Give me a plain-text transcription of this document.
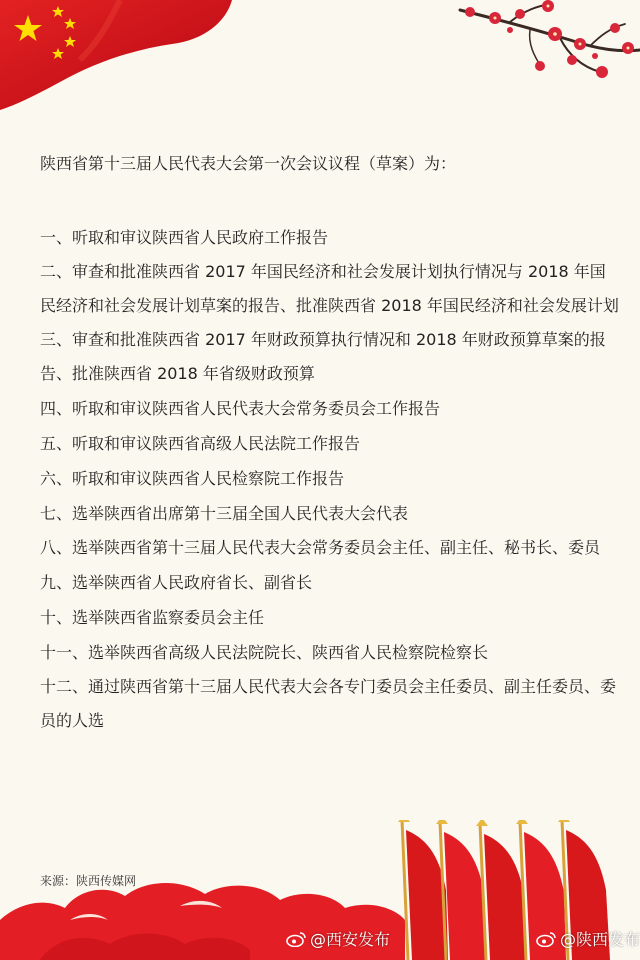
陕西省第十三届人民代表大会第一次会议议程（草案）为：

一、听取和审议陕西省人民政府工作报告
二、审查和批准陕西省 2017 年国民经济和社会发展计划执行情况与 2018 年国民经济和社会发展计划草案的报告、批准陕西省 2018 年国民经济和社会发展计划
三、审查和批准陕西省 2017 年财政预算执行情况和 2018 年财政预算草案的报告、批准陕西省 2018 年省级财政预算
四、听取和审议陕西省人民代表大会常务委员会工作报告
五、听取和审议陕西省高级人民法院工作报告
六、听取和审议陕西省人民检察院工作报告
七、选举陕西省出席第十三届全国人民代表大会代表
八、选举陕西省第十三届人民代表大会常务委员会主任、副主任、秘书长、委员
九、选举陕西省人民政府省长、副省长
十、选举陕西省监察委员会主任
十一、选举陕西省高级人民法院院长、陕西省人民检察院检察长
十二、通过陕西省第十三届人民代表大会各专门委员会主任委员、副主任委员、委员的人选
来源：陕西传媒网
@西安发布	@陕西发布
